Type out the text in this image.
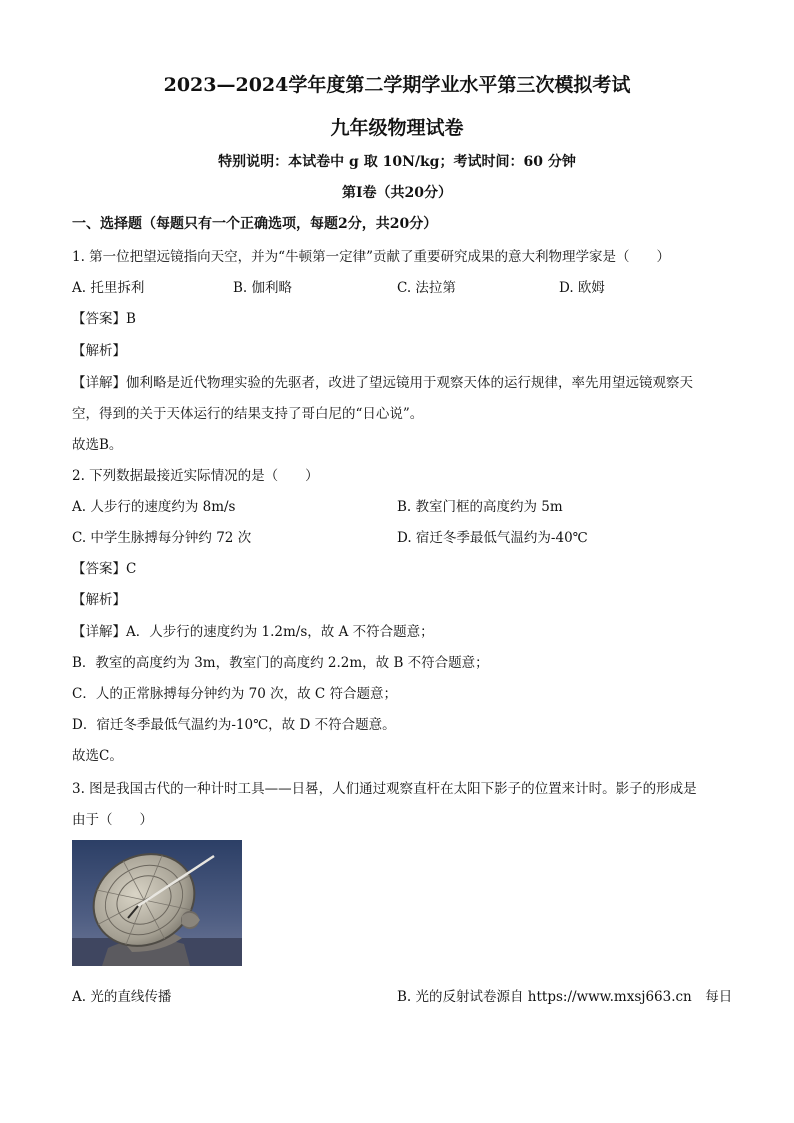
2023—2024学年度第二学期学业水平第三次模拟考试
九年级物理试卷
特别说明：本试卷中 g 取 10N/kg；考试时间：60 分钟
第Ⅰ卷（共20分）
一、选择题（每题只有一个正确选项，每题2分，共20分）
1. 第一位把望远镜指向天空，并为“牛顿第一定律”贡献了重要研究成果的意大利物理学家是（　　）
A. 托里拆利	B. 伽利略	C. 法拉第	D. 欧姆
【答案】B
【解析】
【详解】伽利略是近代物理实验的先驱者，改进了望远镜用于观察天体的运行规律，率先用望远镜观察天
空，得到的关于天体运行的结果支持了哥白尼的“日心说”。
故选B。
2. 下列数据最接近实际情况的是（　　）
A. 人步行的速度约为 8m/s	B. 教室门框的高度约为 5m
C. 中学生脉搏每分钟约 72 次	D. 宿迁冬季最低气温约为-40℃
【答案】C
【解析】
【详解】A．人步行的速度约为 1.2m/s，故 A 不符合题意；
B．教室的高度约为 3m，教室门的高度约 2.2m，故 B 不符合题意；
C．人的正常脉搏每分钟约为 70 次，故 C 符合题意；
D．宿迁冬季最低气温约为-10℃，故 D 不符合题意。
故选C。
3. 图是我国古代的一种计时工具——日晷，人们通过观察直杆在太阳下影子的位置来计时。影子的形成是
由于（　　）
A. 光的直线传播	B. 光的反射试卷源自 https://www.mxsj663.cn　每日
